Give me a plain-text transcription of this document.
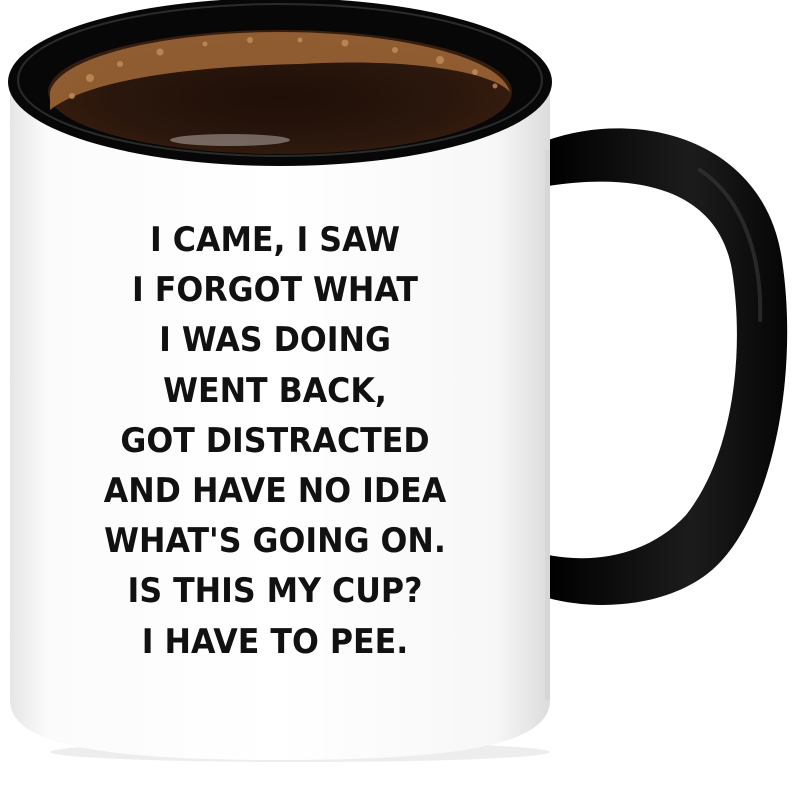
I CAME, I SAW
I FORGOT WHAT
I WAS DOING
WENT BACK,
GOT DISTRACTED
AND HAVE NO IDEA
WHAT'S GOING ON.
IS THIS MY CUP?
I HAVE TO PEE.
